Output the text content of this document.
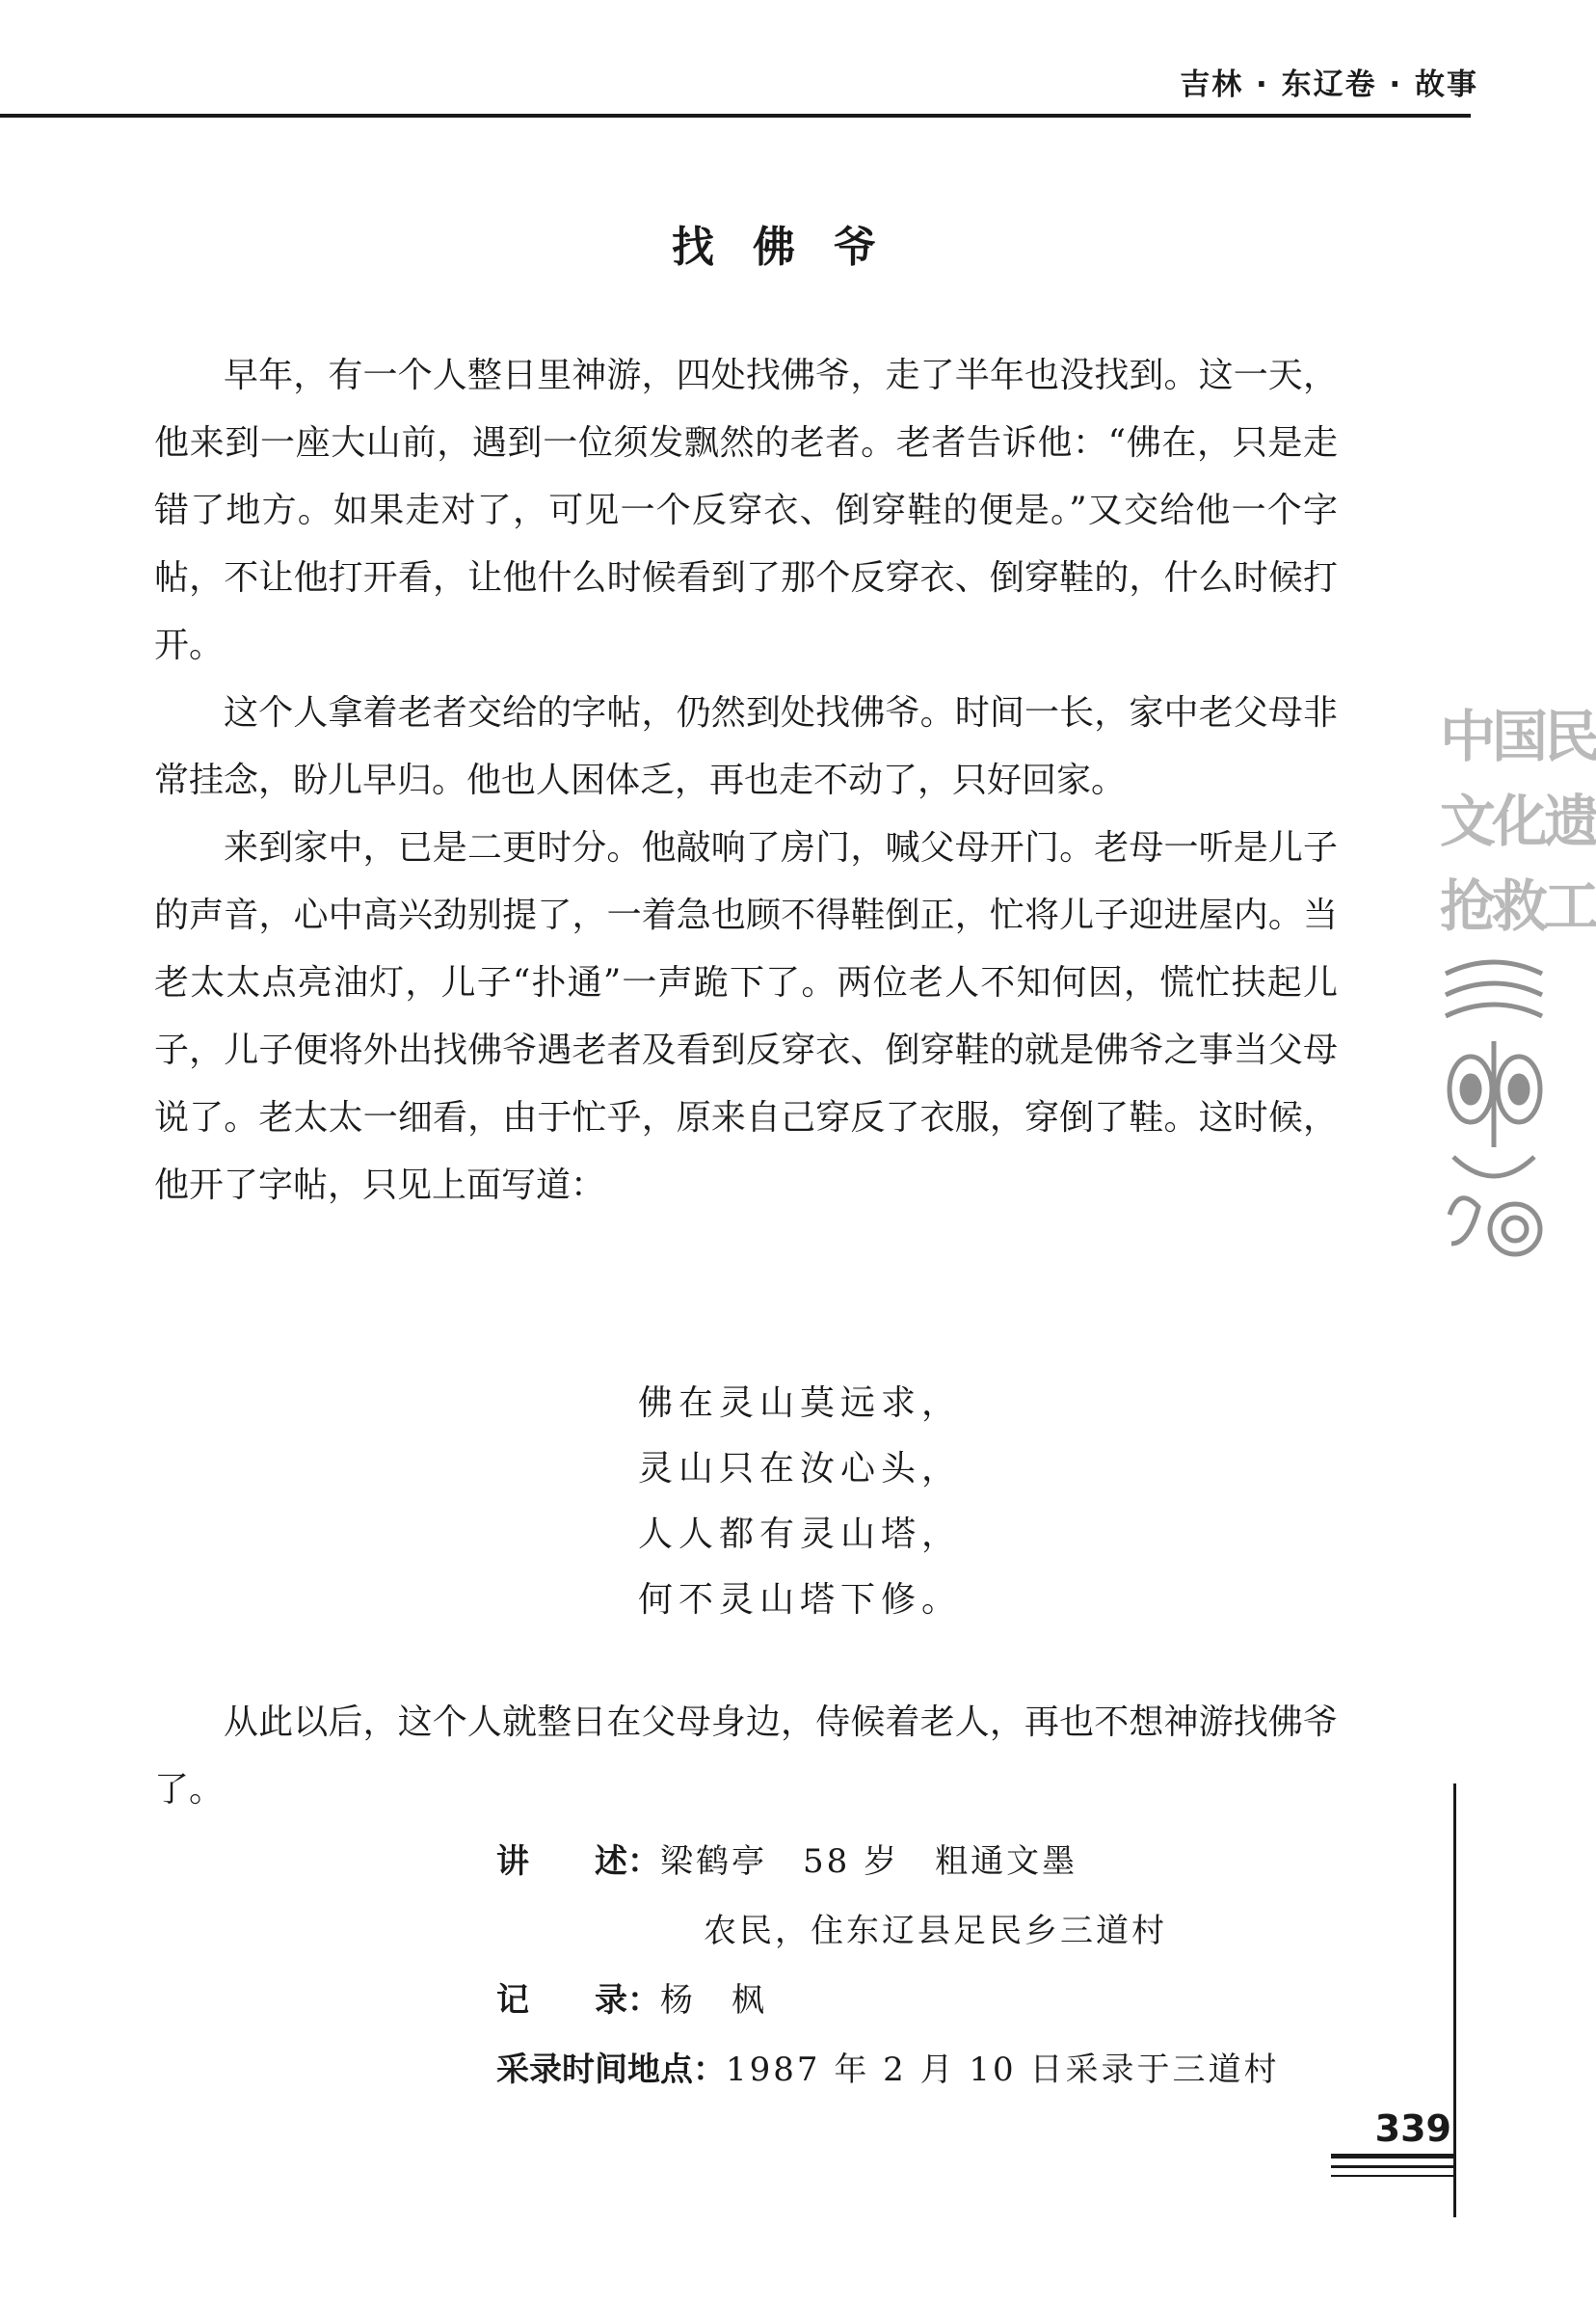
吉林 · 东辽卷 · 故事
找佛爷

早年，有一个人整日里神游，四处找佛爷，走了半年也没找到。这一天，他来到一座大山前，遇到一位须发飘然的老者。老者告诉他：“佛在，只是走错了地方。如果走对了，可见一个反穿衣、倒穿鞋的便是。”又交给他一个字帖，不让他打开看，让他什么时候看到了那个反穿衣、倒穿鞋的，什么时候打开。

这个人拿着老者交给的字帖，仍然到处找佛爷。时间一长，家中老父母非常挂念，盼儿早归。他也人困体乏，再也走不动了，只好回家。

来到家中，已是二更时分。他敲响了房门，喊父母开门。老母一听是儿子的声音，心中高兴劲别提了，一着急也顾不得鞋倒正，忙将儿子迎进屋内。当老太太点亮油灯，儿子“扑通”一声跪下了。两位老人不知何因，慌忙扶起儿子，儿子便将外出找佛爷遇老者及看到反穿衣、倒穿鞋的就是佛爷之事当父母说了。老太太一细看，由于忙乎，原来自己穿反了衣服，穿倒了鞋。这时候，他开了字帖，只见上面写道：

佛在灵山莫远求，
灵山只在汝心头，
人人都有灵山塔，
何不灵山塔下修。

从此以后，这个人就整日在父母身边，侍候着老人，再也不想神游找佛爷了。

讲 述： 梁鹤亭　58 岁　粗通文墨
农民，住东辽县足民乡三道村
记 录： 杨　枫
采录时间地点： 1987 年 2 月 10 日采录于三道村
中国民
文化遗
抢救工
339
